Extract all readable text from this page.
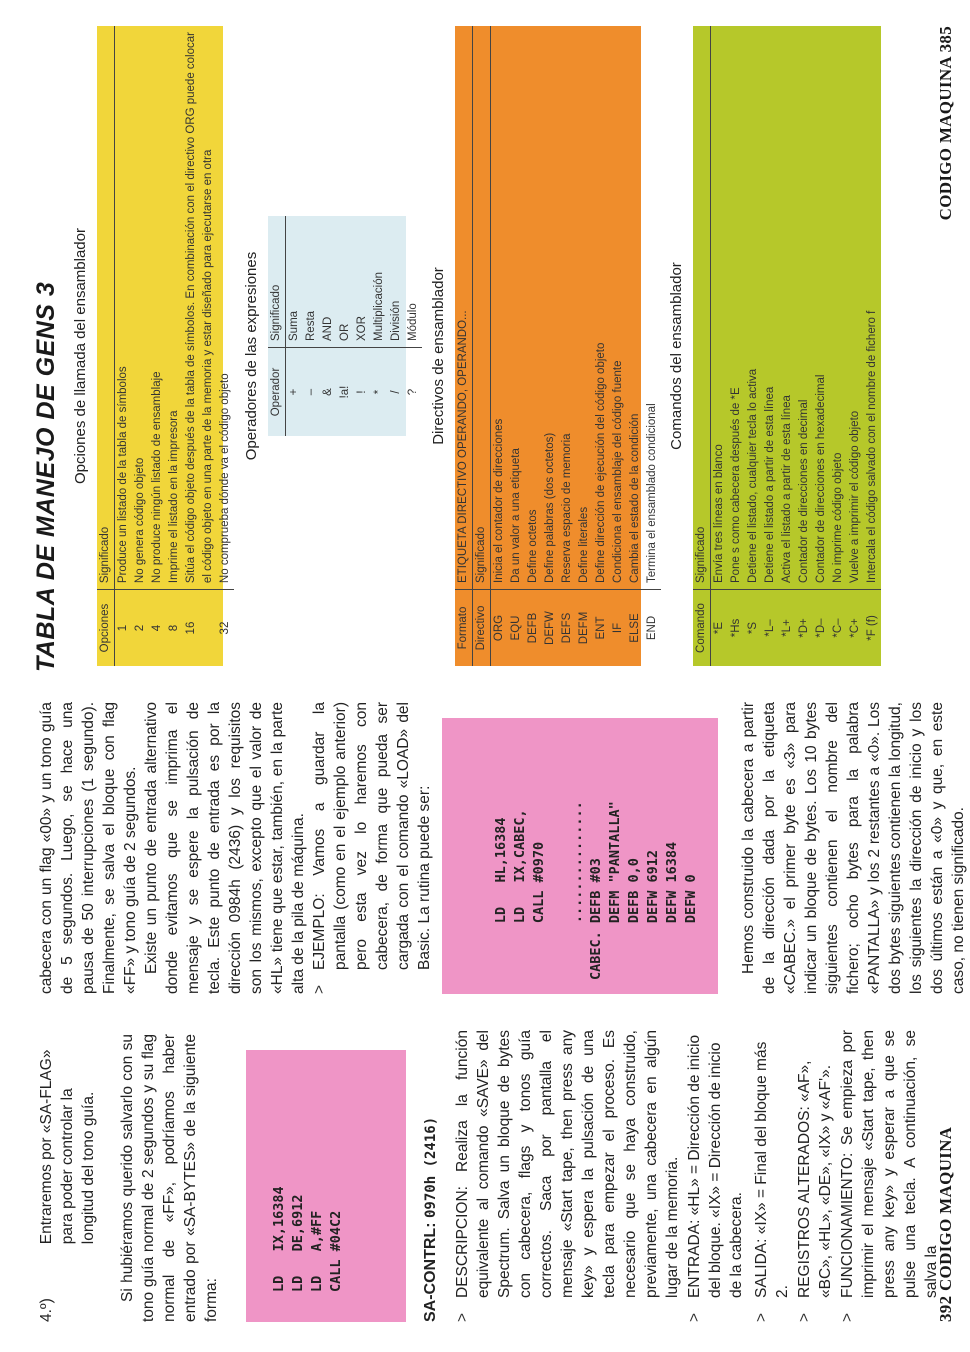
4.º)
Entraremos por «SA-FLAG» para poder controlar la longitud del tono guía. Si hubiéramos querido salvarlo con su tono guía normal de 2 segundos y su flag normal de «FF», podríamos haber entrado por «SA-BYTES» de la siguiente forma:

LD   IX,16384 LD   DE,6912 LD   A,#FF CALL #04C2	SA-CONTRL: 0970h (2416)
>
DESCRIPCION: Realiza la función equivalente al comando «SAVE» del Spectrum. Salva un bloque de bytes con cabecera, flags y tonos guía correctos. Saca por pantalla el mensaje «Start tape, then press any key» y espera la pulsación de una tecla para empezar el proceso. Es necesario que se haya construido, previamente, una cabecera en algún lugar de la memoria.
>
ENTRADA: «HL» = Dirección de inicio del bloque. «IX» = Dirección de inicio de la cabecera.
>
SALIDA: «IX» = Final del bloque más 2.
>
REGISTROS ALTERADOS: «AF», «BC», «HL», «DE», «IX» y «AF'».
>
FUNCIONAMIENTO: Se empieza por imprimir el mensaje «Start tape, then press any key» y esperar a que se pulse una tecla. A continuación, se salva la

cabecera con un flag «00» y un tono guía de 5 segundos. Luego, se hace una pausa de 50 interrupciones (1 segundo). Finalmente, se salva el bloque con flag «FF» y tono guía de 2 segundos. Existe un punto de entrada alternativo donde evitamos que se imprima el mensaje y se espere la pulsación de tecla. Este punto de entrada es por la dirección 0984h (2436) y los requisitos son los mismos, excepto que el valor de «HL» tiene que estar, también, en la parte alta de la pila de máquina. >
EJEMPLO: Vamos a guardar la pantalla (como en el ejemplo anterior) pero esta vez lo haremos con cabecera, de forma que pueda ser cargada con el comando «LOAD» del Basic. La rutina puede ser:	LD   HL,16384
LD   IX,CABEC,
CALL #0970

............... CABEC. DEFB #03
DEFM "PANTALLA"
DEFB 0,0
DEFW 6912
DEFW 16384
DEFW 0	Hemos construido la cabecera a partir de la dirección dada por la etiqueta «CABEC.» el primer byte es «3» para indicar un bloque de bytes. Los 10 bytes siguientes contienen el nombre del fichero; ocho bytes para la palabra «PANTALLA» y los 2 restantes a «0». Los dos bytes siguientes contienen la longitud, los siguientes la dirección de inicio y los dos últimos están a «0» y que, en este caso, no tienen significado.

392 CODIGO MAQUINA
TABLA DE MANEJO DE GENS 3 Opciones de llamada del ensamblador
Opciones	Significado
1	Produce un listado de la tabla de símbolos
2	No genera código objeto
4	No produce ningún listado de ensamblaje
8	Imprime el listado en la impresora
16	Sitúa el código objeto después de la tabla de símbolos. En combinación con el directivo ORG puede colocar
	el código objeto en una parte de la memoria y estar diseñado para ejecutarse en otra
32	No comprueba dónde va el código objeto
Operadores de las expresiones Operador	Significado
+	Suma
–	Resta
&	AND
!a!	OR
!	XOR
*	Multiplicación
/	División
?	Módulo Directivos de ensamblador
Formato	ETIQUETA DIRECTIVO OPERANDO, OPERANDO...
Directivo	Significado
ORG	Inicia el contador de direcciones
EQU	Da un valor a una etiqueta
DEFB	Define octetos
DEFW	Define palabras (dos octetos)
DEFS	Reserva espacio de memoria
DEFM	Define literales
ENT	Define dirección de ejecución del código objeto
IF	Condiciona el ensamblaje del código fuente
ELSE	Cambia el estado de la condición
END	Termina el ensamblado condicional
Comandos del ensamblador
Comando	Significado
*E	Envía tres líneas en blanco
*Hs	Pone s como cabecera después de *E
*S	Detiene el listado, cualquier tecla lo activa
*L–	Detiene el listado a partir de esta línea
*L+	Activa el listado a partir de esta línea
*D+	Contador de direcciones en decimal
*D–	Contador de direcciones en hexadecimal
*C–	No imprime código objeto
*C+	Vuelve a imprimir el código objeto
*F (f)	Intercala el código salvado con el nombre de fichero f
CODIGO MAQUINA 385
